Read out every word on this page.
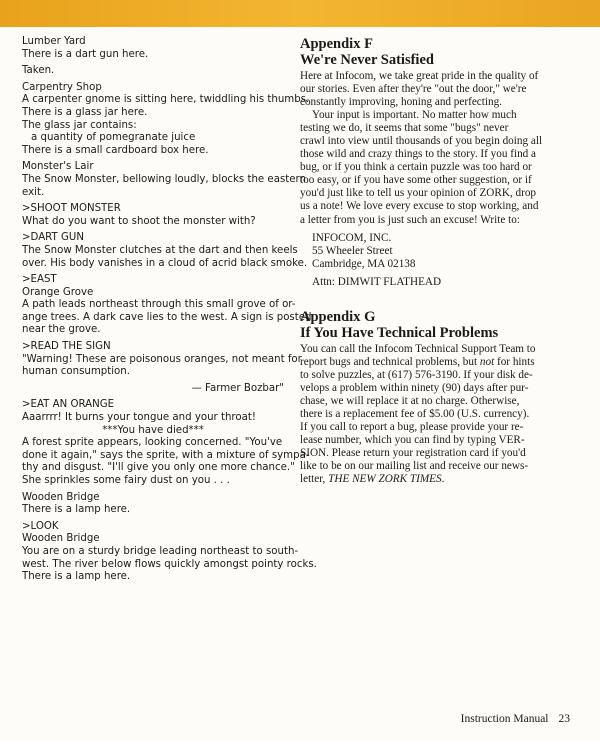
Lumber Yard

There is a dart gun here.

Taken.

Carpentry Shop

A carpenter gnome is sitting here, twiddling his thumbs.

There is a glass jar here.

The glass jar contains:

a quantity of pomegranate juice

There is a small cardboard box here.

Monster's Lair

The Snow Monster, bellowing loudly, blocks the eastern

exit.

>SHOOT MONSTER

What do you want to shoot the monster with?

>DART GUN

The Snow Monster clutches at the dart and then keels

over. His body vanishes in a cloud of acrid black smoke.

>EAST

Orange Grove

A path leads northeast through this small grove of or-

ange trees. A dark cave lies to the west. A sign is posted

near the grove.

>READ THE SIGN

"Warning! These are poisonous oranges, not meant for

human consumption.

— Farmer Bozbar"

>EAT AN ORANGE

Aaarrrr! It burns your tongue and your throat!

***You have died***

A forest sprite appears, looking concerned. "You've

done it again," says the sprite, with a mixture of sympa-

thy and disgust. "I'll give you only one more chance."

She sprinkles some fairy dust on you . . .

Wooden Bridge

There is a lamp here.

>LOOK

Wooden Bridge

You are on a sturdy bridge leading northeast to south-

west. The river below flows quickly amongst pointy rocks.

There is a lamp here.

Appendix F
We're Never Satisfied

Here at Infocom, we take great pride in the quality of

our stories. Even after they're "out the door," we're

constantly improving, honing and perfecting.

Your input is important. No matter how much

testing we do, it seems that some "bugs" never

crawl into view until thousands of you begin doing all

those wild and crazy things to the story. If you find a

bug, or if you think a certain puzzle was too hard or

too easy, or if you have some other suggestion, or if

you'd just like to tell us your opinion of ZORK, drop

us a note! We love every excuse to stop working, and

a letter from you is just such an excuse! Write to:

INFOCOM, INC.

55 Wheeler Street

Cambridge, MA 02138

Attn: DIMWIT FLATHEAD

Appendix G
If You Have Technical Problems

You can call the Infocom Technical Support Team to

report bugs and technical problems, but not for hints

to solve puzzles, at (617) 576-3190. If your disk de-

velops a problem within ninety (90) days after pur-

chase, we will replace it at no charge. Otherwise,

there is a replacement fee of $5.00 (U.S. currency).

If you call to report a bug, please provide your re-

lease number, which you can find by typing VER-

SION. Please return your registration card if you'd

like to be on our mailing list and receive our news-

letter, THE NEW ZORK TIMES.

Instruction Manual 23
